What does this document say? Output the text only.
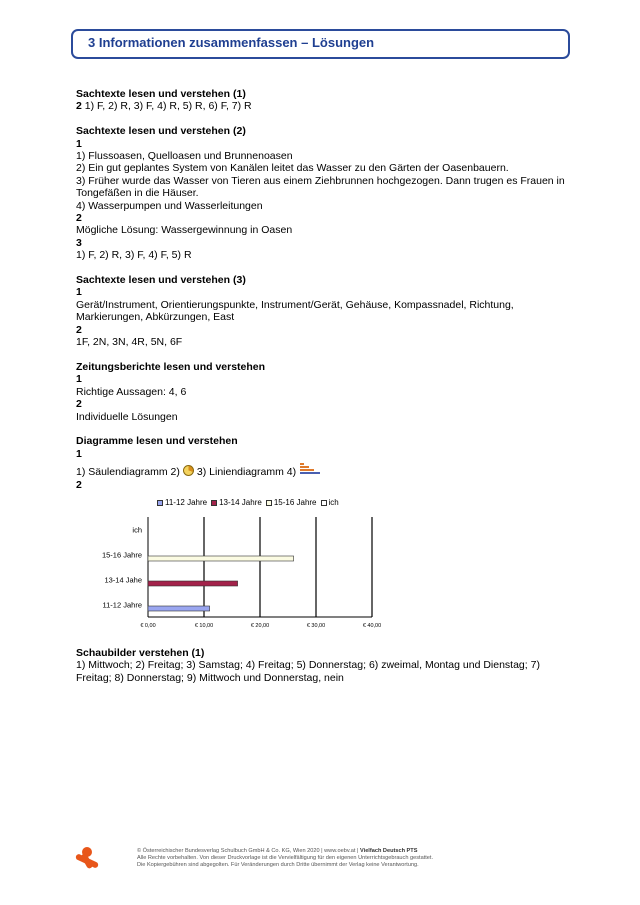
3 Informationen zusammenfassen – Lösungen
Sachtexte lesen und verstehen (1)
2 1) F, 2) R, 3) F, 4) R, 5) R, 6) F, 7) R
Sachtexte lesen und verstehen (2)
1
1) Flussoasen, Quelloasen und Brunnenoasen
2) Ein gut geplantes System von Kanälen leitet das Wasser zu den Gärten der Oasenbauern.
3) Früher wurde das Wasser von Tieren aus einem Ziehbrunnen hochgezogen. Dann trugen es Frauen in Tongefäßen in die Häuser.
4) Wasserpumpen und Wasserleitungen
2
Mögliche Lösung: Wassergewinnung in Oasen
3
1) F, 2) R, 3) F, 4) F, 5) R
Sachtexte lesen und verstehen (3)
1
Gerät/Instrument, Orientierungspunkte, Instrument/Gerät, Gehäuse, Kompassnadel, Richtung, Markierungen, Abkürzungen, East
2
1F, 2N, 3N, 4R, 5N, 6F
Zeitungsberichte lesen und verstehen
1
Richtige Aussagen: 4, 6
2
Individuelle Lösungen
Diagramme lesen und verstehen
1
1) Säulendiagramm 2) 3) Liniendiagramm 4)
2
11-12 Jahre 13-14 Jahre 15-16 Jahre ich
€ 0,00	€ 10,00	€ 20,00	€ 30,00	€ 40,00
11-12 Jahre
13-14 Jahe
15-16 Jahre
ich
Schaubilder verstehen (1)
1) Mittwoch; 2) Freitag; 3) Samstag; 4) Freitag; 5) Donnerstag; 6) zweimal, Montag und Dienstag; 7) Freitag; 8) Donnerstag; 9) Mittwoch und Donnerstag, nein
© Österreichischer Bundesverlag Schulbuch GmbH & Co. KG, Wien 2020 | www.oebv.at | Vielfach Deutsch PTS
Alle Rechte vorbehalten. Von dieser Druckvorlage ist die Vervielfältigung für den eigenen Unterrichtsgebrauch gestattet.
Die Kopiergebühren sind abgegolten. Für Veränderungen durch Dritte übernimmt der Verlag keine Verantwortung.
